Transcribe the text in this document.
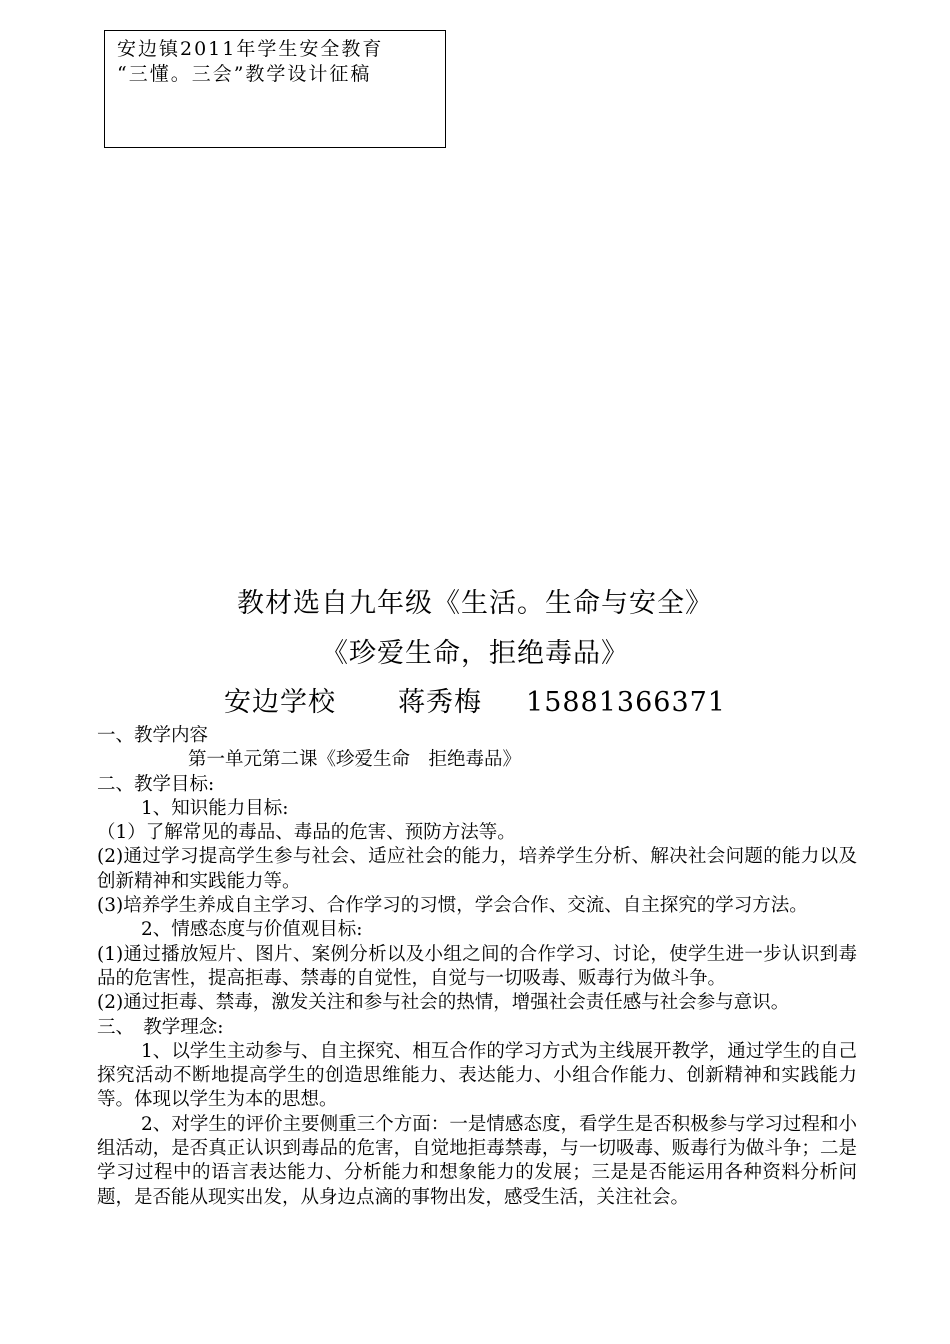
安边镇2011年学生安全教育
“三懂。三会”教学设计征稿
教材选自九年级《生活。生命与安全》
《珍爱生命，拒绝毒品》
安边学校 蒋秀梅 15881366371

一、教学内容

第一单元第二课《珍爱生命　拒绝毒品》

二、教学目标:

1、知识能力目标:

（1）了解常见的毒品、毒品的危害、预防方法等。

(2)通过学习提高学生参与社会、适应社会的能力，培养学生分析、解决社会问题的能力以及创新精神和实践能力等。

(3)培养学生养成自主学习、合作学习的习惯，学会合作、交流、自主探究的学习方法。

2、情感态度与价值观目标:

(1)通过播放短片、图片、案例分析以及小组之间的合作学习、讨论，使学生进一步认识到毒品的危害性，提高拒毒、禁毒的自觉性，自觉与一切吸毒、贩毒行为做斗争。

(2)通过拒毒、禁毒，激发关注和参与社会的热情，增强社会责任感与社会参与意识。

三、　教学理念:

1、以学生主动参与、自主探究、相互合作的学习方式为主线展开教学，通过学生的自己探究活动不断地提高学生的创造思维能力、表达能力、小组合作能力、创新精神和实践能力等。体现以学生为本的思想。

2、对学生的评价主要侧重三个方面：一是情感态度，看学生是否积极参与学习过程和小组活动，是否真正认识到毒品的危害，自觉地拒毒禁毒，与一切吸毒、贩毒行为做斗争；二是学习过程中的语言表达能力、分析能力和想象能力的发展；三是是否能运用各种资料分析问题，是否能从现实出发，从身边点滴的事物出发，感受生活，关注社会。
